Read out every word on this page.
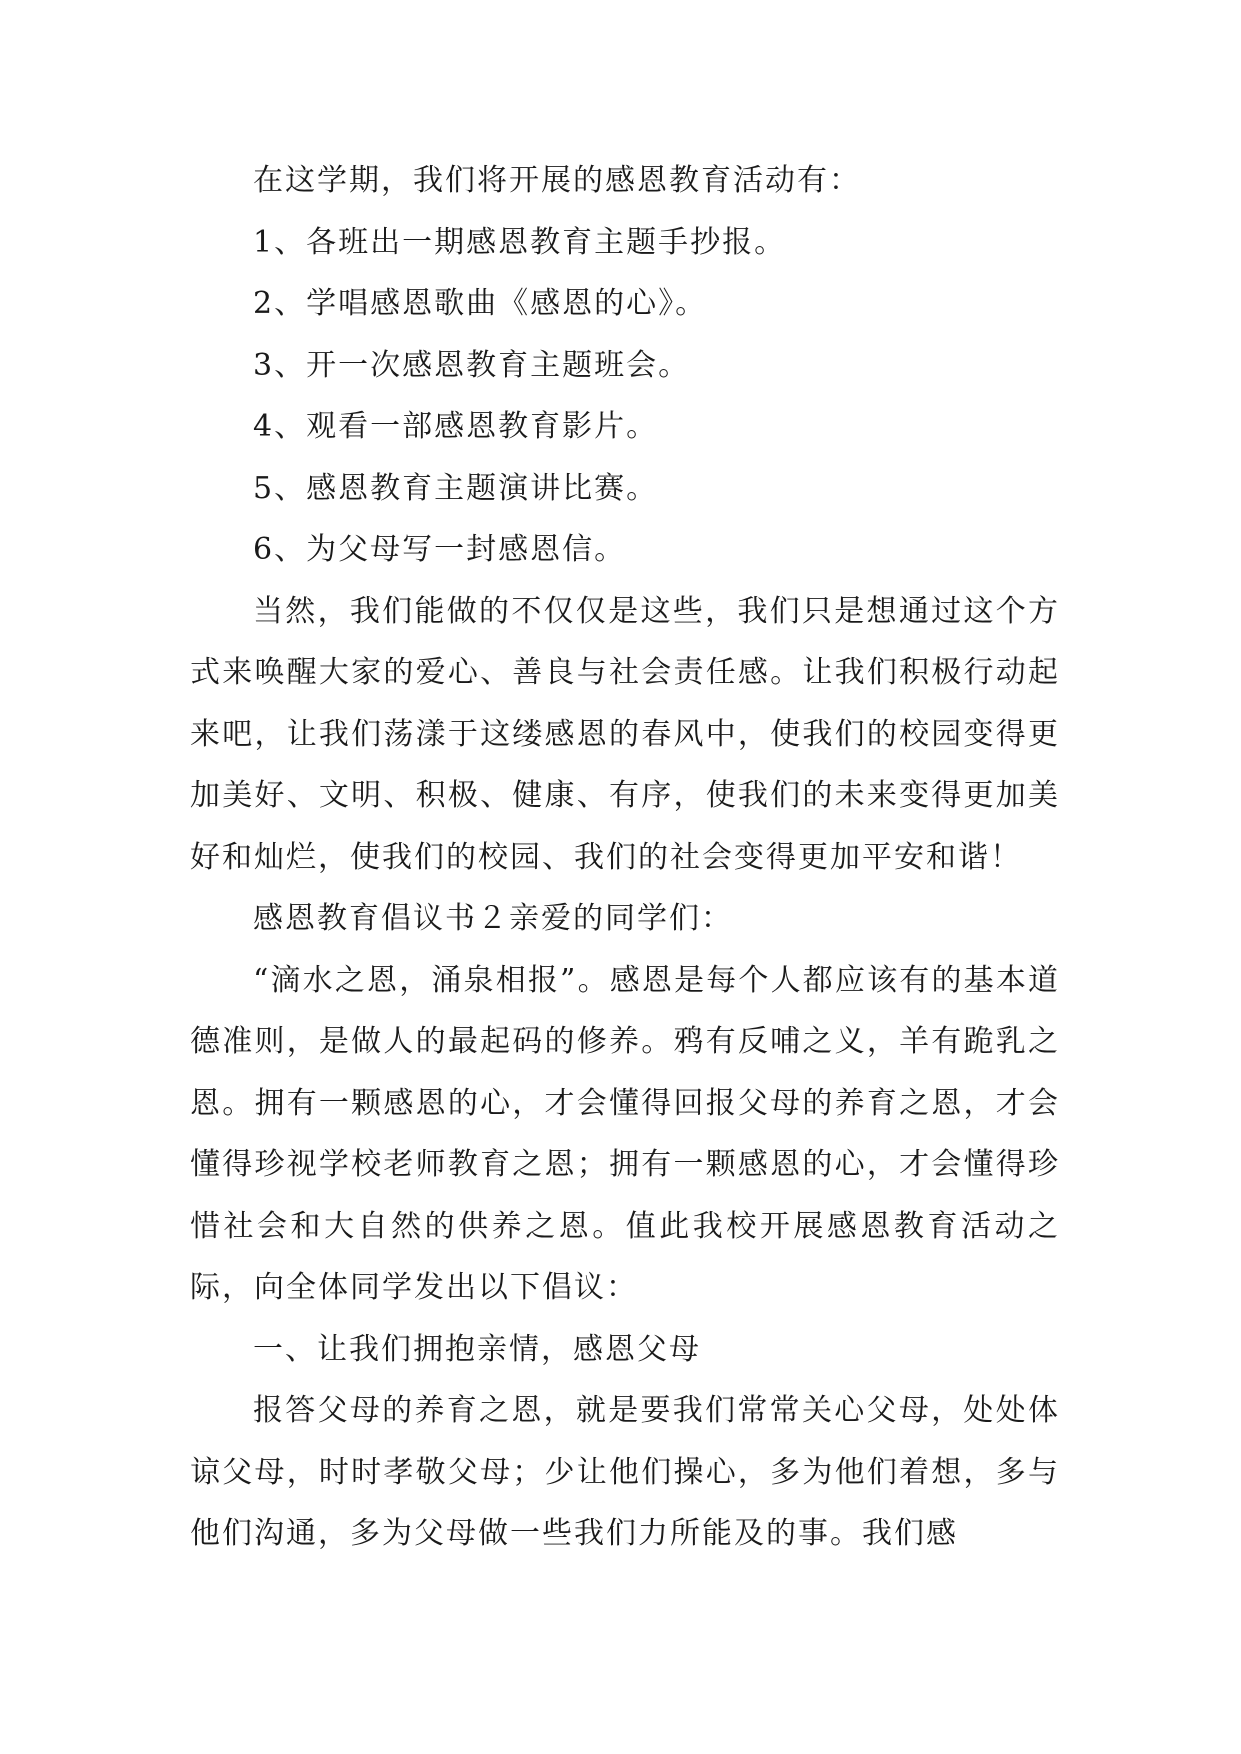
在这学期，我们将开展的感恩教育活动有：

1、各班出一期感恩教育主题手抄报。

2、学唱感恩歌曲《感恩的心》。

3、开一次感恩教育主题班会。

4、观看一部感恩教育影片。

5、感恩教育主题演讲比赛。

6、为父母写一封感恩信。

当然，我们能做的不仅仅是这些，我们只是想通过这个方式来唤醒大家的爱心、善良与社会责任感。让我们积极行动起来吧，让我们荡漾于这缕感恩的春风中，使我们的校园变得更加美好、文明、积极、健康、有序，使我们的未来变得更加美好和灿烂，使我们的校园、我们的社会变得更加平安和谐！

感恩教育倡议书２亲爱的同学们：

“滴水之恩，涌泉相报”。感恩是每个人都应该有的基本道德准则，是做人的最起码的修养。鸦有反哺之义，羊有跪乳之恩。拥有一颗感恩的心，才会懂得回报父母的养育之恩，才会懂得珍视学校老师教育之恩；拥有一颗感恩的心，才会懂得珍惜社会和大自然的供养之恩。值此我校开展感恩教育活动之际，向全体同学发出以下倡议：

一、让我们拥抱亲情，感恩父母

报答父母的养育之恩，就是要我们常常关心父母，处处体谅父母，时时孝敬父母；少让他们操心，多为他们着想，多与他们沟通，多为父母做一些我们力所能及的事。我们感
